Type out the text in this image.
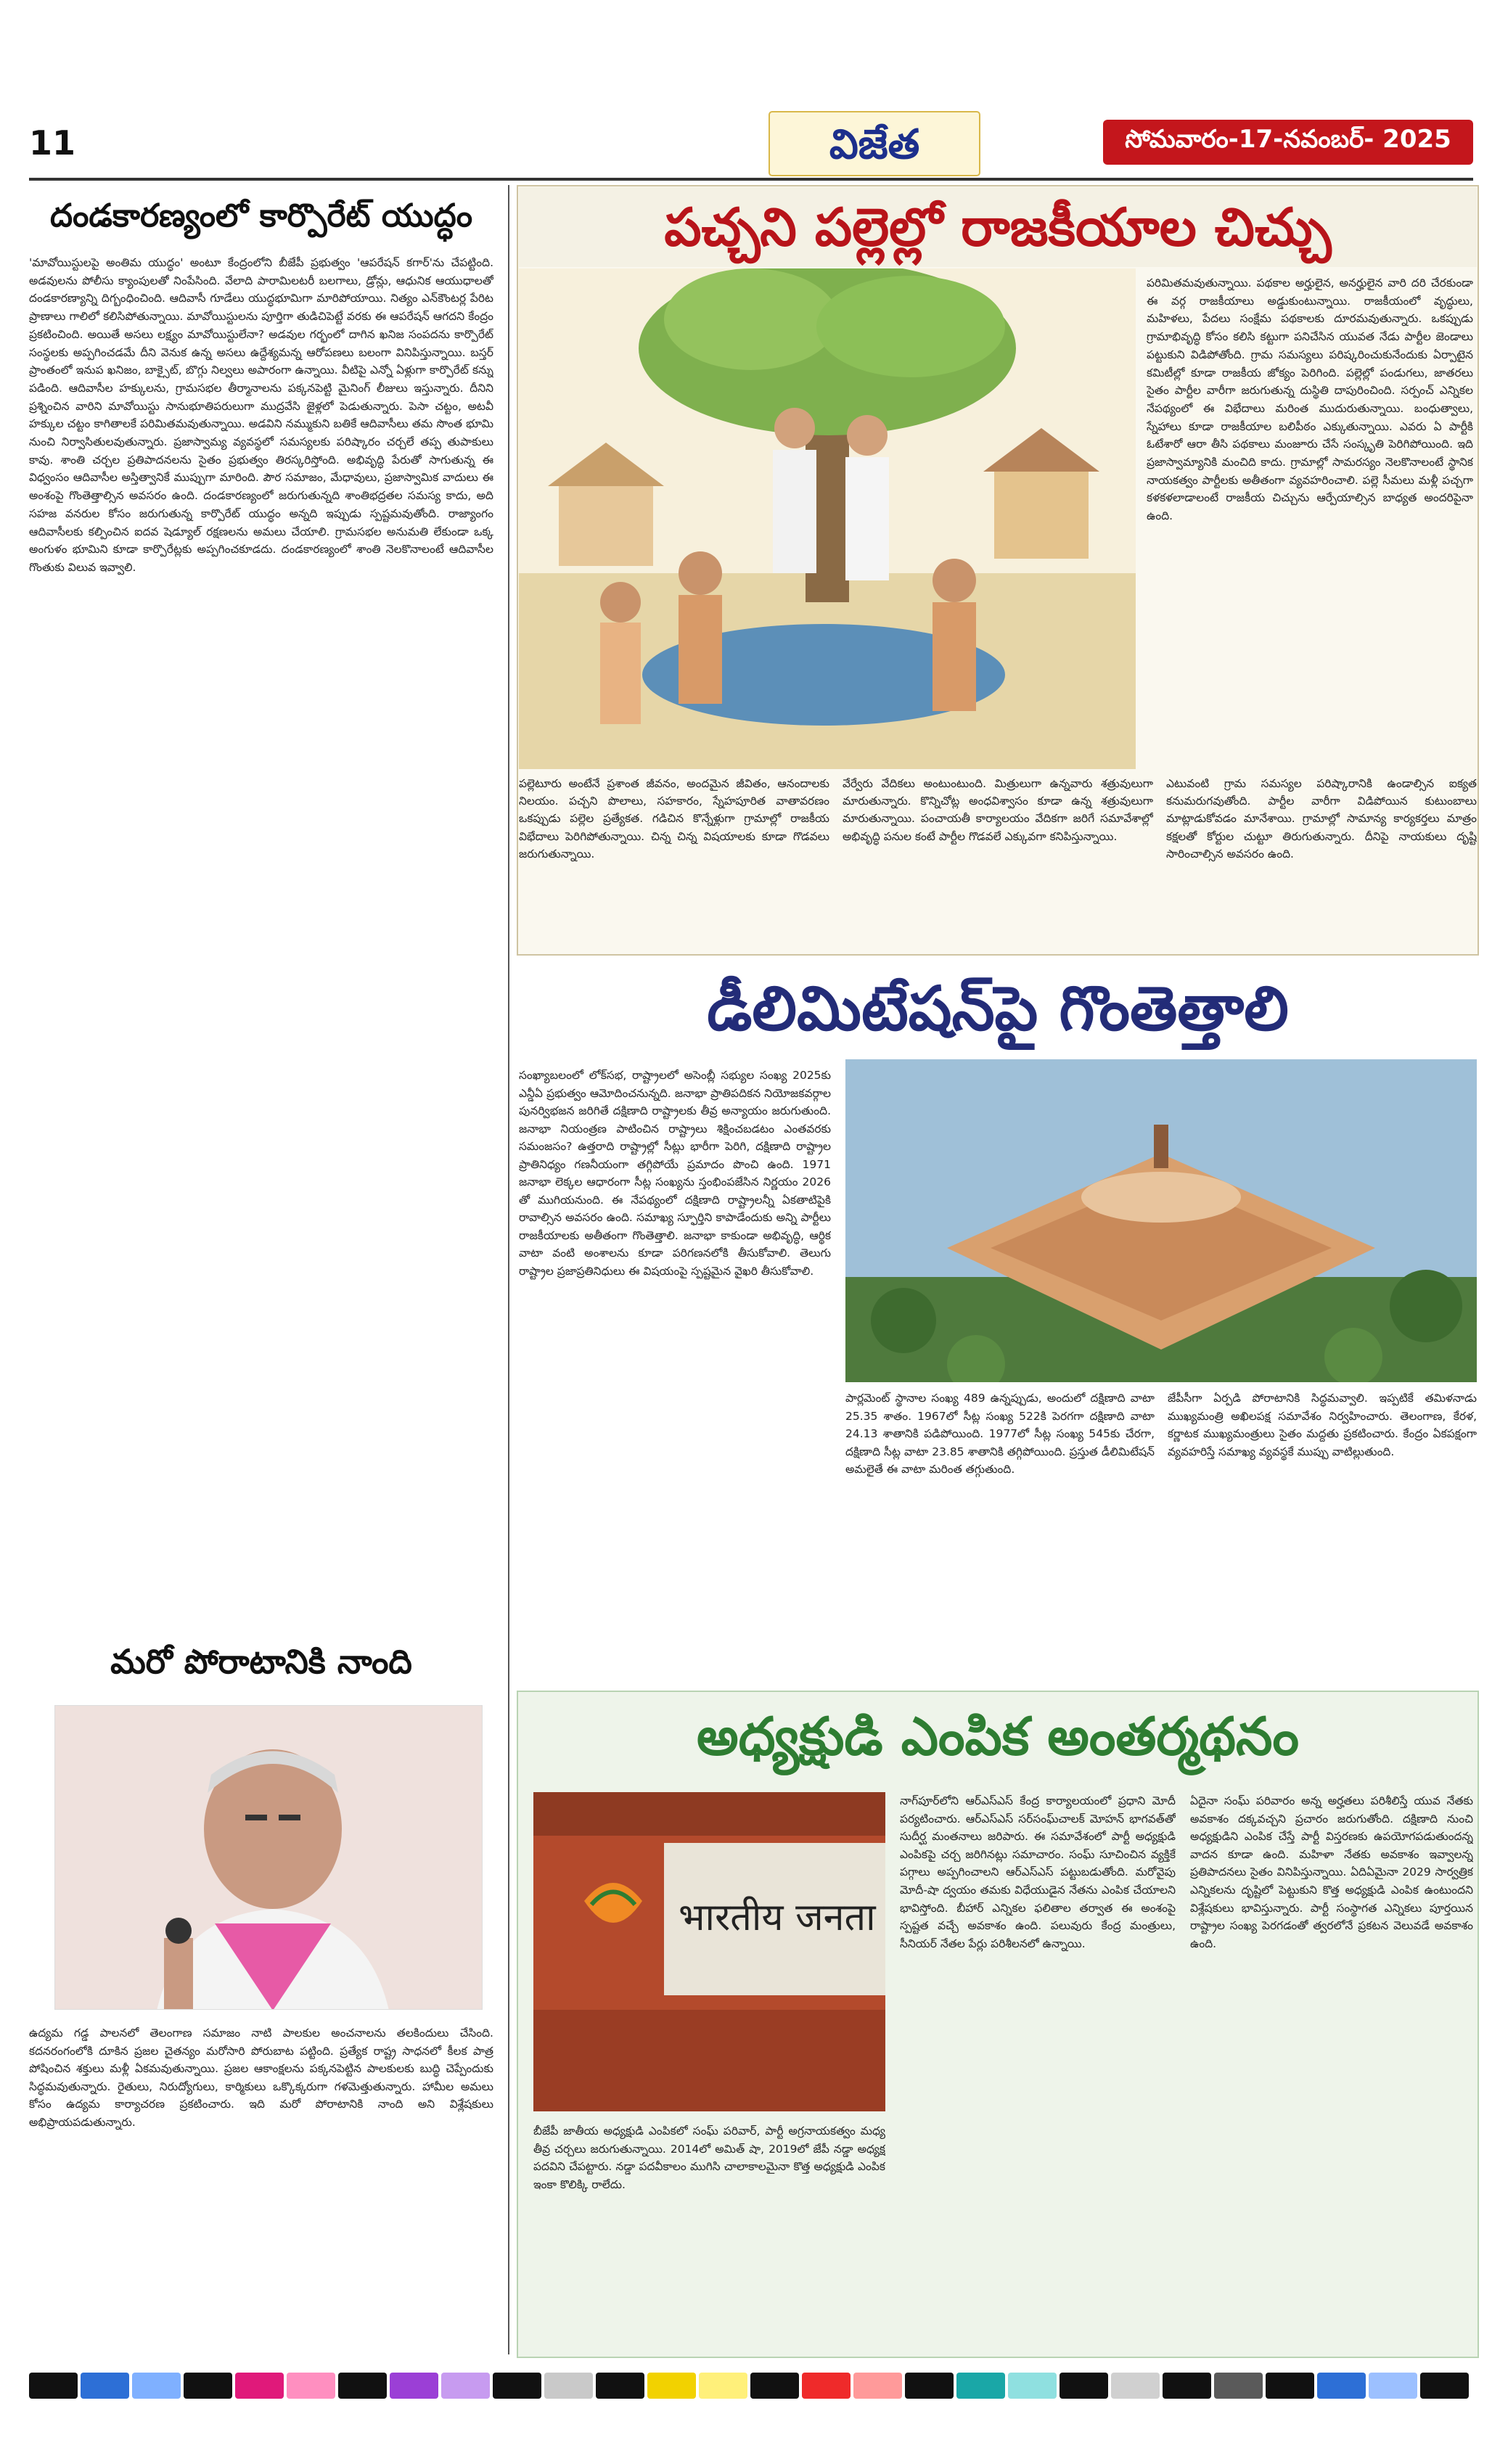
11	విజేత	సోమవారం-17-నవంబర్- 2025
దండకారణ్యంలో కార్పొరేట్ యుద్ధం
'మావోయిస్టులపై అంతిమ యుద్ధం' అంటూ కేంద్రంలోని బీజేపీ ప్రభుత్వం 'ఆపరేషన్ కగార్'ను చేపట్టింది. అడవులను పోలీసు క్యాంపులతో నింపేసింది. వేలాది పారామిలటరీ బలగాలు, డ్రోన్లు, ఆధునిక ఆయుధాలతో దండకారణ్యాన్ని దిగ్బంధించింది. ఆదివాసీ గూడేలు యుద్ధభూమిగా మారిపోయాయి. నిత్యం ఎన్‌కౌంటర్ల పేరిట ప్రాణాలు గాలిలో కలిసిపోతున్నాయి. మావోయిస్టులను పూర్తిగా తుడిచిపెట్టే వరకు ఈ ఆపరేషన్ ఆగదని కేంద్రం ప్రకటించింది. అయితే అసలు లక్ష్యం మావోయిస్టులేనా? అడవుల గర్భంలో దాగిన ఖనిజ సంపదను కార్పొరేట్ సంస్థలకు అప్పగించడమే దీని వెనుక ఉన్న అసలు ఉద్దేశ్యమన్న ఆరోపణలు బలంగా వినిపిస్తున్నాయి. బస్తర్ ప్రాంతంలో ఇనుప ఖనిజం, బాక్సైట్, బొగ్గు నిల్వలు అపారంగా ఉన్నాయి. వీటిపై ఎన్నో ఏళ్లుగా కార్పొరేట్ కన్ను పడింది. ఆదివాసీల హక్కులను, గ్రామసభల తీర్మానాలను పక్కనపెట్టి మైనింగ్ లీజులు ఇస్తున్నారు. దీనిని ప్రశ్నించిన వారిని మావోయిస్టు సానుభూతిపరులుగా ముద్రవేసి జైళ్లలో పెడుతున్నారు. పెసా చట్టం, అటవీ హక్కుల చట్టం కాగితాలకే పరిమితమవుతున్నాయి. అడవిని నమ్ముకుని బతికే ఆదివాసీలు తమ సొంత భూమి నుంచి నిర్వాసితులవుతున్నారు. ప్రజాస్వామ్య వ్యవస్థలో సమస్యలకు పరిష్కారం చర్చలే తప్ప తుపాకులు కావు. శాంతి చర్చల ప్రతిపాదనలను సైతం ప్రభుత్వం తిరస్కరిస్తోంది. అభివృద్ధి పేరుతో సాగుతున్న ఈ విధ్వంసం ఆదివాసీల అస్తిత్వానికే ముప్పుగా మారింది. పౌర సమాజం, మేధావులు, ప్రజాస్వామిక వాదులు ఈ అంశంపై గొంతెత్తాల్సిన అవసరం ఉంది. దండకారణ్యంలో జరుగుతున్నది శాంతిభద్రతల సమస్య కాదు, అది సహజ వనరుల కోసం జరుగుతున్న కార్పొరేట్ యుద్ధం అన్నది ఇప్పుడు స్పష్టమవుతోంది. రాజ్యాంగం ఆదివాసీలకు కల్పించిన ఐదవ షెడ్యూల్ రక్షణలను అమలు చేయాలి. గ్రామసభల అనుమతి లేకుండా ఒక్క అంగుళం భూమిని కూడా కార్పొరేట్లకు అప్పగించకూడదు. దండకారణ్యంలో శాంతి నెలకొనాలంటే ఆదివాసీల గొంతుకు విలువ ఇవ్వాలి.
మరో పోరాటానికి నాంది
ఉద్యమ గడ్డ పాలనలో తెలంగాణ సమాజం నాటి పాలకుల అంచనాలను తలకిందులు చేసింది. కదనరంగంలోకి దూకిన ప్రజల చైతన్యం మరోసారి పోరుబాట పట్టింది. ప్రత్యేక రాష్ట్ర సాధనలో కీలక పాత్ర పోషించిన శక్తులు మళ్లీ ఏకమవుతున్నాయి. ప్రజల ఆకాంక్షలను పక్కనపెట్టిన పాలకులకు బుద్ధి చెప్పేందుకు సిద్ధమవుతున్నారు. రైతులు, నిరుద్యోగులు, కార్మికులు ఒక్కొక్కరుగా గళమెత్తుతున్నారు. హామీల అమలు కోసం ఉద్యమ కార్యాచరణ ప్రకటించారు. ఇది మరో పోరాటానికి నాంది అని విశ్లేషకులు అభిప్రాయపడుతున్నారు.
పచ్చని పల్లెల్లో రాజకీయాల చిచ్చు
పరిమితమవుతున్నాయి. పథకాల అర్హులైన, అనర్హులైన వారి దరి చేరకుండా ఈ వర్గ రాజకీయాలు అడ్డుకుంటున్నాయి. రాజకీయంలో వృద్ధులు, మహిళలు, పేదలు సంక్షేమ పథకాలకు దూరమవుతున్నారు. ఒకప్పుడు గ్రామాభివృద్ధి కోసం కలిసి కట్టుగా పనిచేసిన యువత నేడు పార్టీల జెండాలు పట్టుకుని విడిపోతోంది. గ్రామ సమస్యలు పరిష్కరించుకునేందుకు ఏర్పాటైన కమిటీల్లో కూడా రాజకీయ జోక్యం పెరిగింది. పల్లెల్లో పండుగలు, జాతరలు సైతం పార్టీల వారీగా జరుగుతున్న దుస్థితి దాపురించింది. సర్పంచ్ ఎన్నికల నేపథ్యంలో ఈ విభేదాలు మరింత ముదురుతున్నాయి. బంధుత్వాలు, స్నేహాలు కూడా రాజకీయాల బలిపీఠం ఎక్కుతున్నాయి. ఎవరు ఏ పార్టీకి ఓటేశారో ఆరా తీసి పథకాలు మంజూరు చేసే సంస్కృతి పెరిగిపోయింది. ఇది ప్రజాస్వామ్యానికి మంచిది కాదు. గ్రామాల్లో సామరస్యం నెలకొనాలంటే స్థానిక నాయకత్వం పార్టీలకు అతీతంగా వ్యవహరించాలి. పల్లె సీమలు మళ్లీ పచ్చగా కళకళలాడాలంటే రాజకీయ చిచ్చును ఆర్పేయాల్సిన బాధ్యత అందరిపైనా ఉంది.
పల్లెటూరు అంటేనే ప్రశాంత జీవనం, అందమైన జీవితం, ఆనందాలకు నిలయం. పచ్చని పొలాలు, సహకారం, స్నేహపూరిత వాతావరణం ఒకప్పుడు పల్లెల ప్రత్యేకత. గడిచిన కొన్నేళ్లుగా గ్రామాల్లో రాజకీయ విభేదాలు పెరిగిపోతున్నాయి. చిన్న చిన్న విషయాలకు కూడా గొడవలు జరుగుతున్నాయి.
వేర్వేరు వేదికలు అంటుంటుంది. మిత్రులుగా ఉన్నవారు శత్రువులుగా మారుతున్నారు. కొన్నిచోట్ల అంధవిశ్వాసం కూడా ఉన్న శత్రువులుగా మారుతున్నాయి. పంచాయతీ కార్యాలయం వేదికగా జరిగే సమావేశాల్లో అభివృద్ధి పనుల కంటే పార్టీల గొడవలే ఎక్కువగా కనిపిస్తున్నాయి.
ఎటువంటి గ్రామ సమస్యల పరిష్కారానికి ఉండాల్సిన ఐక్యత కనుమరుగవుతోంది. పార్టీల వారీగా విడిపోయిన కుటుంబాలు మాట్లాడుకోవడం మానేశాయి. గ్రామాల్లో సామాన్య కార్యకర్తలు మాత్రం కక్షలతో కోర్టుల చుట్టూ తిరుగుతున్నారు. దీనిపై నాయకులు దృష్టి సారించాల్సిన అవసరం ఉంది.
డీలిమిటేషన్‌పై గొంతెత్తాలి
సంఖ్యాబలంలో లోక్‌సభ, రాష్ట్రాలలో అసెంబ్లీ సభ్యుల సంఖ్య 2025కు ఎన్డీఏ ప్రభుత్వం ఆమోదించనున్నది. జనాభా ప్రాతిపదికన నియోజకవర్గాల పునర్విభజన జరిగితే దక్షిణాది రాష్ట్రాలకు తీవ్ర అన్యాయం జరుగుతుంది. జనాభా నియంత్రణ పాటించిన రాష్ట్రాలు శిక్షించబడటం ఎంతవరకు సమంజసం? ఉత్తరాది రాష్ట్రాల్లో సీట్లు భారీగా పెరిగి, దక్షిణాది రాష్ట్రాల ప్రాతినిధ్యం గణనీయంగా తగ్గిపోయే ప్రమాదం పొంచి ఉంది. 1971 జనాభా లెక్కల ఆధారంగా సీట్ల సంఖ్యను స్తంభింపజేసిన నిర్ణయం 2026 తో ముగియనుంది. ఈ నేపథ్యంలో దక్షిణాది రాష్ట్రాలన్నీ ఏకతాటిపైకి రావాల్సిన అవసరం ఉంది. సమాఖ్య స్ఫూర్తిని కాపాడేందుకు అన్ని పార్టీలు రాజకీయాలకు అతీతంగా గొంతెత్తాలి. జనాభా కాకుండా అభివృద్ధి, ఆర్థిక వాటా వంటి అంశాలను కూడా పరిగణనలోకి తీసుకోవాలి. తెలుగు రాష్ట్రాల ప్రజాప్రతినిధులు ఈ విషయంపై స్పష్టమైన వైఖరి తీసుకోవాలి.
పార్లమెంట్ స్థానాల సంఖ్య 489 ఉన్నప్పుడు, అందులో దక్షిణాది వాటా 25.35 శాతం. 1967లో సీట్ల సంఖ్య 522కి పెరగగా దక్షిణాది వాటా 24.13 శాతానికి పడిపోయింది. 1977లో సీట్ల సంఖ్య 545కు చేరగా, దక్షిణాది సీట్ల వాటా 23.85 శాతానికి తగ్గిపోయింది. ప్రస్తుత డీలిమిటేషన్ అమలైతే ఈ వాటా మరింత తగ్గుతుంది.
జేపీసీగా ఏర్పడి పోరాటానికి సిద్ధమవ్వాలి. ఇప్పటికే తమిళనాడు ముఖ్యమంత్రి అఖిలపక్ష సమావేశం నిర్వహించారు. తెలంగాణ, కేరళ, కర్ణాటక ముఖ్యమంత్రులు సైతం మద్దతు ప్రకటించారు. కేంద్రం ఏకపక్షంగా వ్యవహరిస్తే సమాఖ్య వ్యవస్థకే ముప్పు వాటిల్లుతుంది.
అధ్యక్షుడి ఎంపిక అంతర్మథనం
भारतीय जनता
బీజేపీ జాతీయ అధ్యక్షుడి ఎంపికలో సంఘ్ పరివార్, పార్టీ అగ్రనాయకత్వం మధ్య తీవ్ర చర్చలు జరుగుతున్నాయి. 2014లో అమిత్ షా, 2019లో జేపీ నడ్డా అధ్యక్ష పదవిని చేపట్టారు. నడ్డా పదవీకాలం ముగిసి చాలాకాలమైనా కొత్త అధ్యక్షుడి ఎంపిక ఇంకా కొలిక్కి రాలేదు.
నాగ్‌పూర్‌లోని ఆర్ఎస్ఎస్ కేంద్ర కార్యాలయంలో ప్రధాని మోదీ పర్యటించారు. ఆర్ఎస్ఎస్ సర్‌సంఘ్‌చాలక్ మోహన్ భాగవత్‌తో సుదీర్ఘ మంతనాలు జరిపారు. ఈ సమావేశంలో పార్టీ అధ్యక్షుడి ఎంపికపై చర్చ జరిగినట్లు సమాచారం. సంఘ్ సూచించిన వ్యక్తికే పగ్గాలు అప్పగించాలని ఆర్ఎస్ఎస్ పట్టుబడుతోంది. మరోవైపు మోదీ-షా ద్వయం తమకు విధేయుడైన నేతను ఎంపిక చేయాలని భావిస్తోంది. బీహార్ ఎన్నికల ఫలితాల తర్వాత ఈ అంశంపై స్పష్టత వచ్చే అవకాశం ఉంది. పలువురు కేంద్ర మంత్రులు, సీనియర్ నేతల పేర్లు పరిశీలనలో ఉన్నాయి.
ఏదైనా సంఘ్ పరివారం అన్న అర్హతలు పరిశీలిస్తే యువ నేతకు అవకాశం దక్కవచ్చని ప్రచారం జరుగుతోంది. దక్షిణాది నుంచి అధ్యక్షుడిని ఎంపిక చేస్తే పార్టీ విస్తరణకు ఉపయోగపడుతుందన్న వాదన కూడా ఉంది. మహిళా నేతకు అవకాశం ఇవ్వాలన్న ప్రతిపాదనలు సైతం వినిపిస్తున్నాయి. ఏదిఏమైనా 2029 సార్వత్రిక ఎన్నికలను దృష్టిలో పెట్టుకుని కొత్త అధ్యక్షుడి ఎంపిక ఉంటుందని విశ్లేషకులు భావిస్తున్నారు. పార్టీ సంస్థాగత ఎన్నికలు పూర్తయిన రాష్ట్రాల సంఖ్య పెరగడంతో త్వరలోనే ప్రకటన వెలువడే అవకాశం ఉంది.
